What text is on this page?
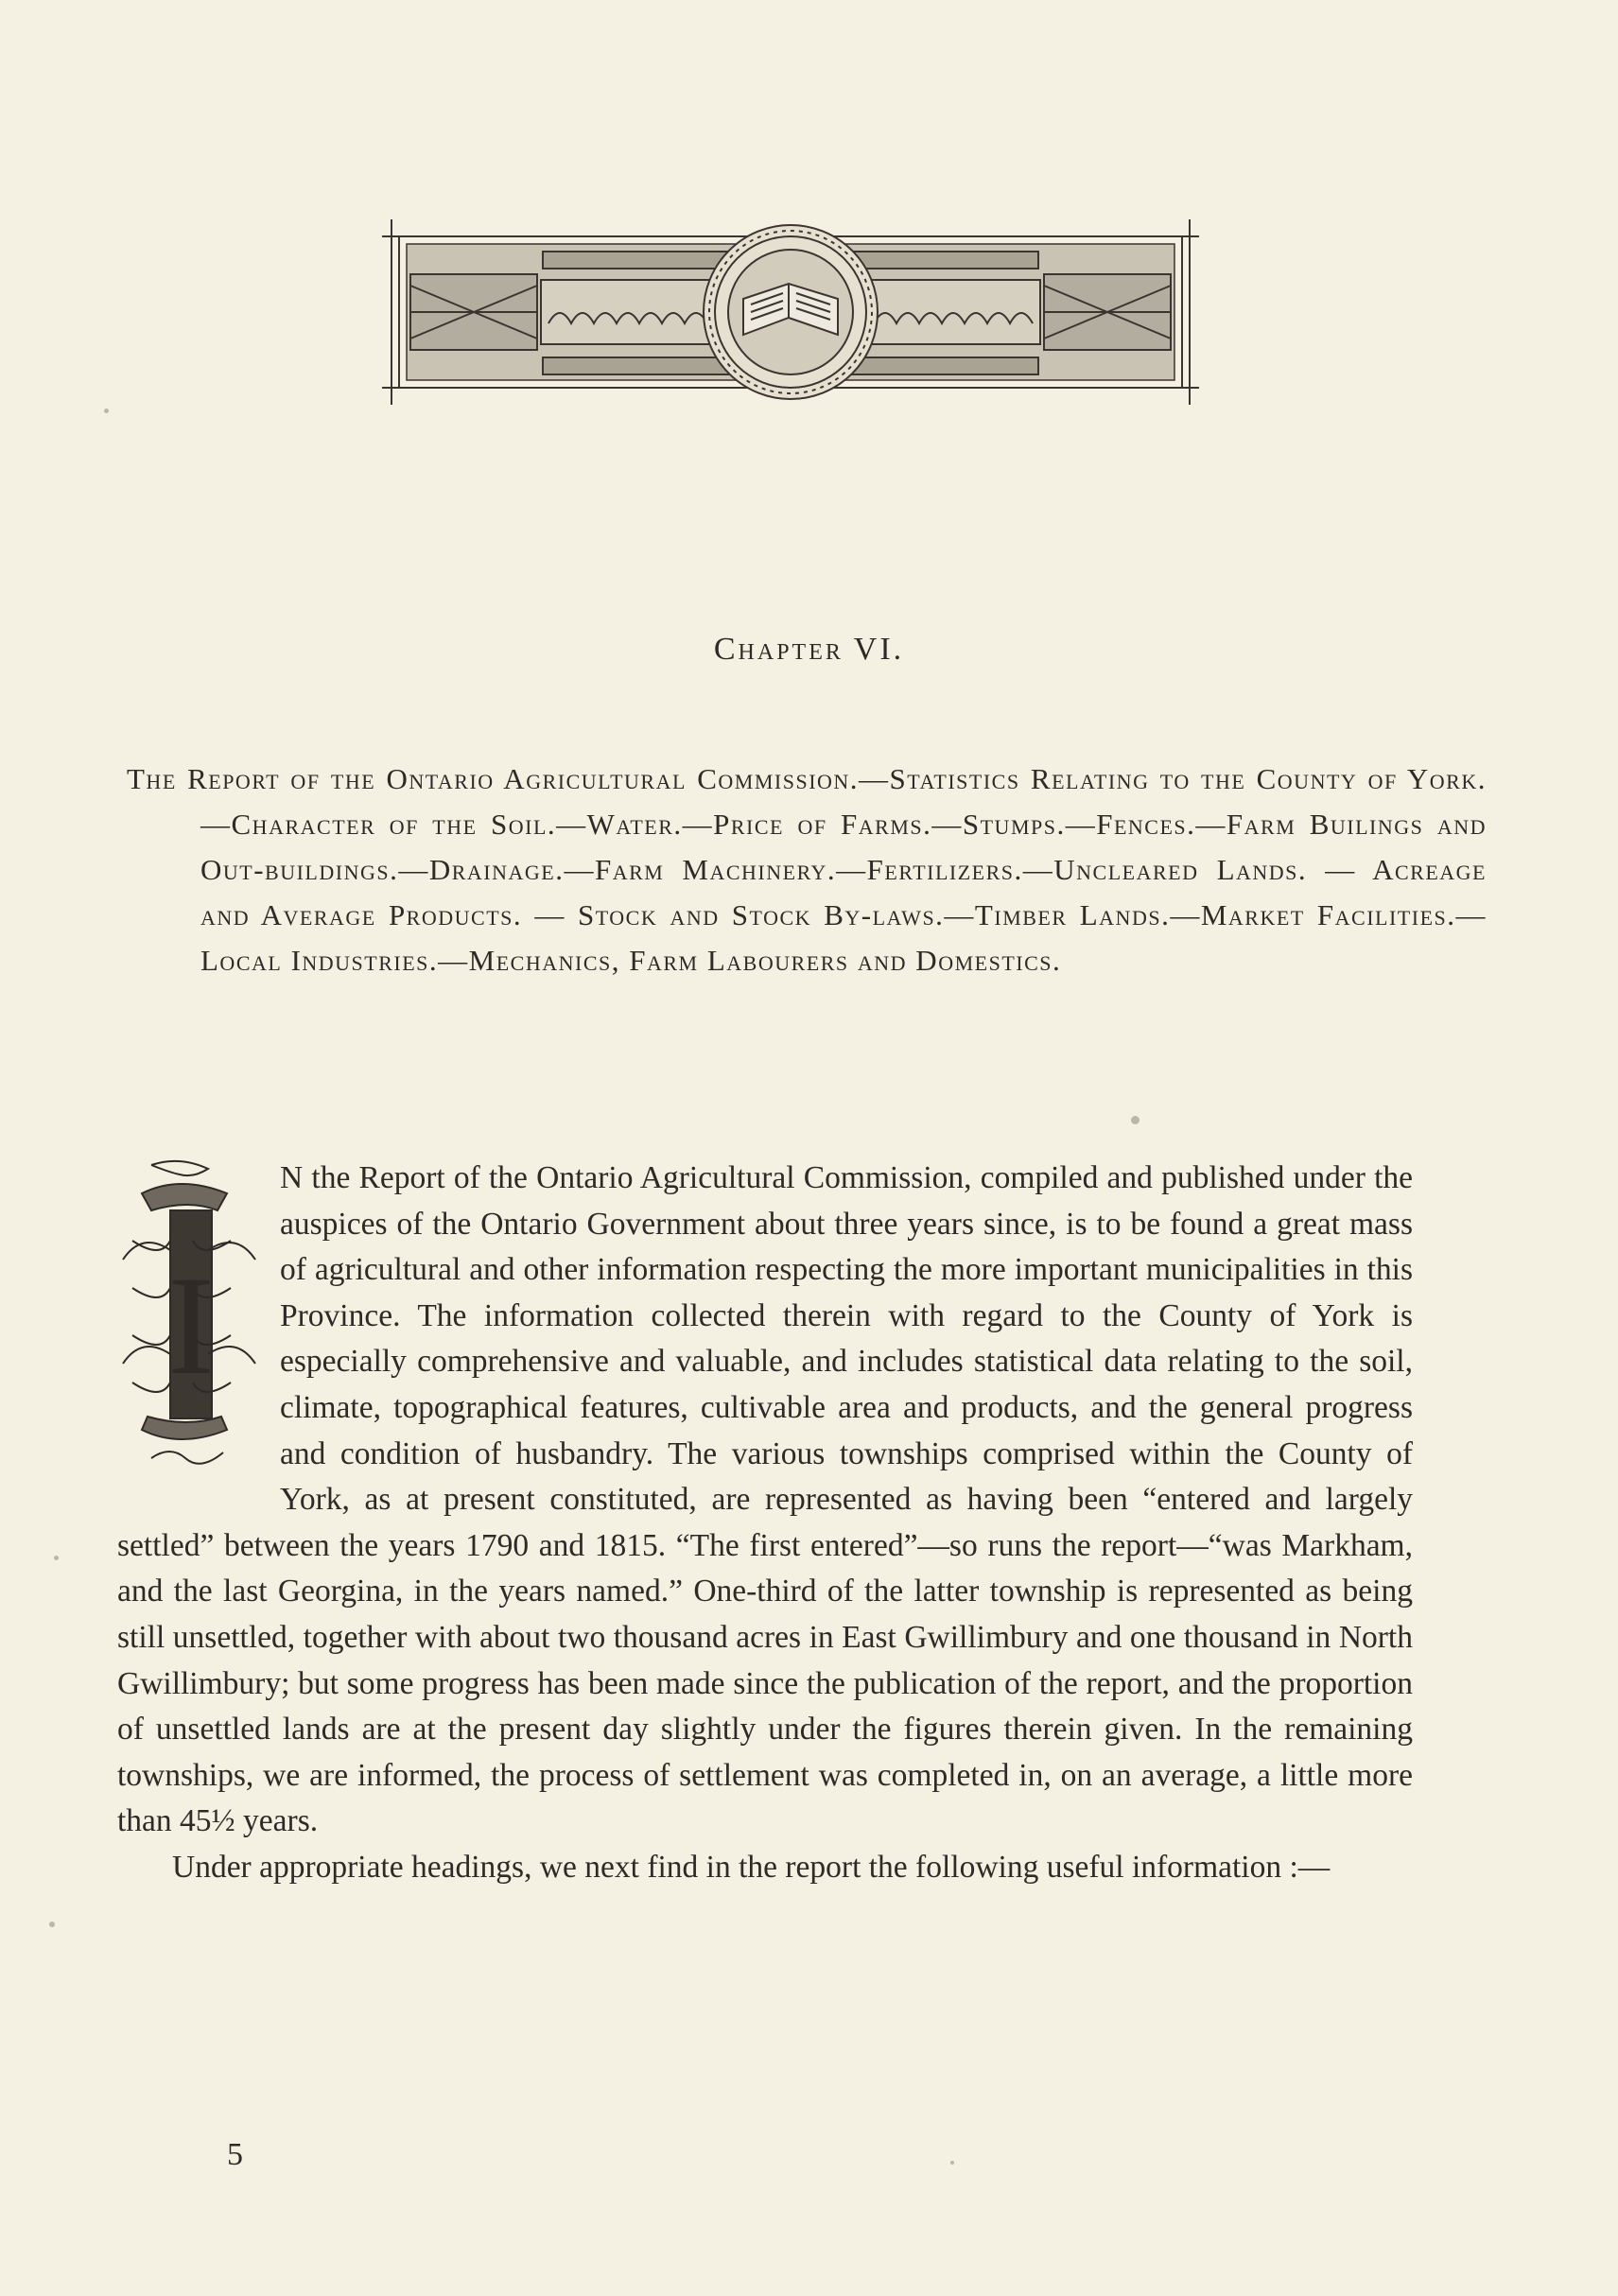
Chapter VI.

The Report of the Ontario Agricultural Commission.—Statistics Relating to the County of York.—Character of the Soil.—Water.—Price of Farms.—Stumps.—Fences.—Farm Builings and Out-buildings.—Drainage.—Farm Machinery.—Fertilizers.—Uncleared Lands. — Acreage and Average Products. — Stock and Stock By-laws.—Timber Lands.—Market Facilities.—Local Industries.—Mechanics, Farm Labourers and Domestics.

I
N the Report of the Ontario Agricultural Commission, compiled and published under the auspices of the Ontario Government about three years since, is to be found a great mass of agricultural and other information respecting the more important municipalities in this Province. The information collected therein with regard to the County of York is especially comprehensive and valuable, and includes statistical data relating to the soil, climate, topographical features, cultivable area and products, and the general progress and condition of husbandry. The various townships comprised within the County of York, as at present constituted, are represented as having been “entered and largely settled” between the years 1790 and 1815. “The first entered”—so runs the report—“was Markham, and the last Georgina, in the years named.” One-third of the latter township is represented as being still unsettled, together with about two thousand acres in East Gwillimbury and one thousand in North Gwillimbury; but some progress has been made since the publication of the report, and the proportion of unsettled lands are at the present day slightly under the figures therein given. In the remaining townships, we are informed, the process of settlement was completed in, on an average, a little more than 45½ years.

Under appropriate headings, we next find in the report the following useful information :—

5
